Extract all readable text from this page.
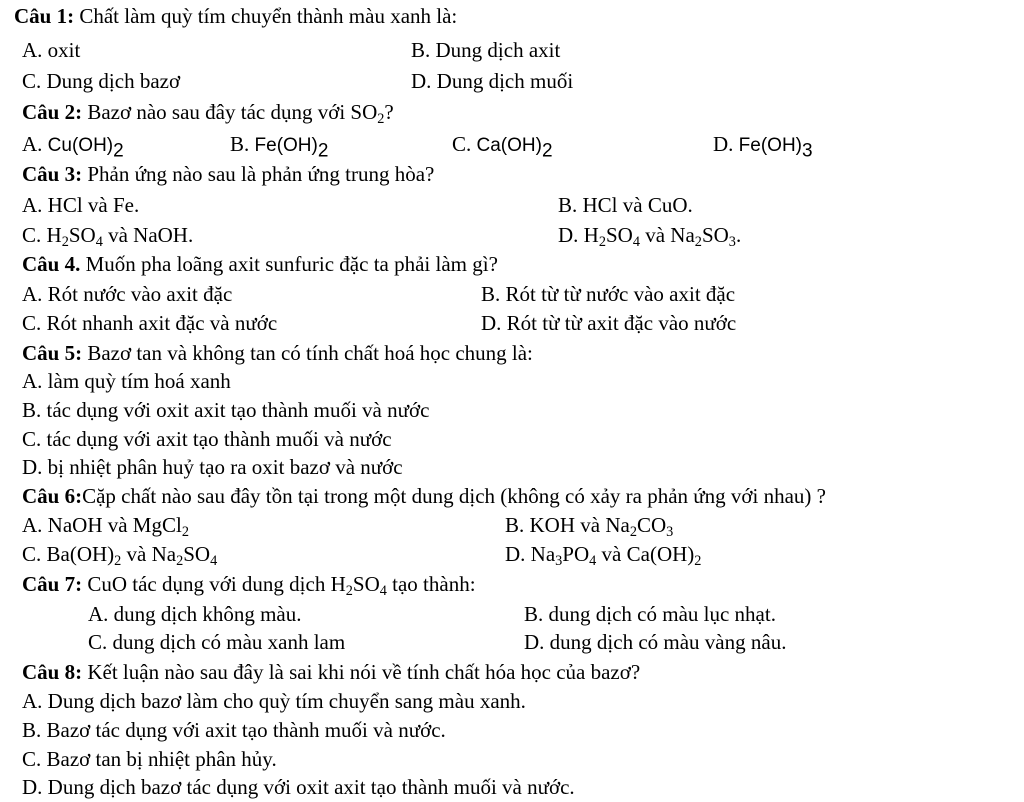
Câu 1: Chất làm quỳ tím chuyển thành màu xanh là:
A. oxit	B. Dung dịch axit
C. Dung dịch bazơ	D. Dung dịch muối
Câu 2: Bazơ nào sau đây tác dụng với $SO_2$?
A. $Cu(OH)_2$	B. $Fe(OH)_2$	C. $Ca(OH)_2$	D. $Fe(OH)_3$
Câu 3: Phản ứng nào sau là phản ứng trung hòa?
A. HCl và Fe.	B. HCl và CuO.
C. $H_2SO_4$ và NaOH.	D. $H_2SO_4$ và $Na_2SO_3$.
Câu 4. Muốn pha loãng axit sunfuric đặc ta phải làm gì?
A. Rót nước vào axit đặc	B. Rót từ từ nước vào axit đặc
C. Rót nhanh axit đặc và nước	D. Rót từ từ axit đặc vào nước
Câu 5: Bazơ tan và không tan có tính chất hoá học chung là:
A. làm quỳ tím hoá xanh
B. tác dụng với oxit axit tạo thành muối và nước
C. tác dụng với axit tạo thành muối và nước
D. bị nhiệt phân huỷ tạo ra oxit bazơ và nước
Câu 6:Cặp chất nào sau đây tồn tại trong một dung dịch (không có xảy ra phản ứng với nhau) ?
A. NaOH và MgCl$_2$	B. KOH và $Na_2CO_3$
C. $Ba(OH)_2$ và $Na_2SO_4$	D. $Na_3PO_4$ và $Ca(OH)_2$
Câu 7: CuO tác dụng với dung dịch $H_2SO_4$ tạo thành:
A. dung dịch không màu.	B. dung dịch có màu lục nhạt.
C. dung dịch có màu xanh lam	D. dung dịch có màu vàng nâu.
Câu 8: Kết luận nào sau đây là sai khi nói về tính chất hóa học của bazơ?
A. Dung dịch bazơ làm cho quỳ tím chuyển sang màu xanh.
B. Bazơ tác dụng với axit tạo thành muối và nước.
C. Bazơ tan bị nhiệt phân hủy.
D. Dung dịch bazơ tác dụng với oxit axit tạo thành muối và nước.
